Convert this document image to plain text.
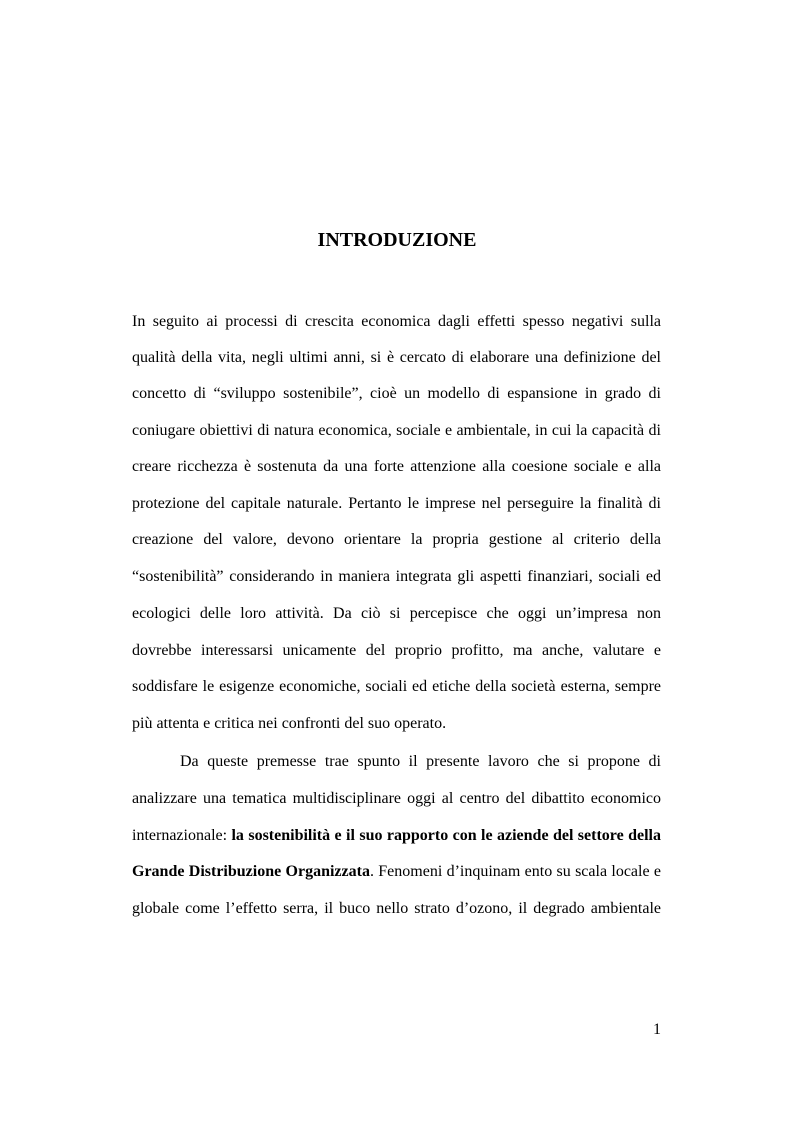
INTRODUZIONE
In seguito ai processi di crescita economica dagli effetti spesso negativi sulla
qualità della vita, negli ultimi anni, si è cercato di elaborare una definizione del
concetto di “sviluppo sostenibile”, cioè un modello di espansione in grado di
coniugare obiettivi di natura economica, sociale e ambientale, in cui la capacità di
creare ricchezza è sostenuta da una forte attenzione alla coesione sociale e alla
protezione del capitale naturale. Pertanto le imprese nel perseguire la finalità di
creazione del valore, devono orientare la propria gestione al criterio della
“sostenibilità” considerando in maniera integrata gli aspetti finanziari, sociali ed
ecologici delle loro attività. Da ciò si percepisce che oggi un’impresa non
dovrebbe interessarsi unicamente del proprio profitto, ma anche, valutare e
soddisfare le esigenze economiche, sociali ed etiche della società esterna, sempre
più attenta e critica nei confronti del suo operato.
Da queste premesse trae spunto il presente lavoro che si propone di
analizzare una tematica multidisciplinare oggi al centro del dibattito economico
internazionale: la sostenibilità e il suo rapporto con le aziende del settore della
Grande Distribuzione Organizzata. Fenomeni d’inquinam ento su scala locale e
globale come l’effetto serra, il buco nello strato d’ozono, il degrado ambientale
1
